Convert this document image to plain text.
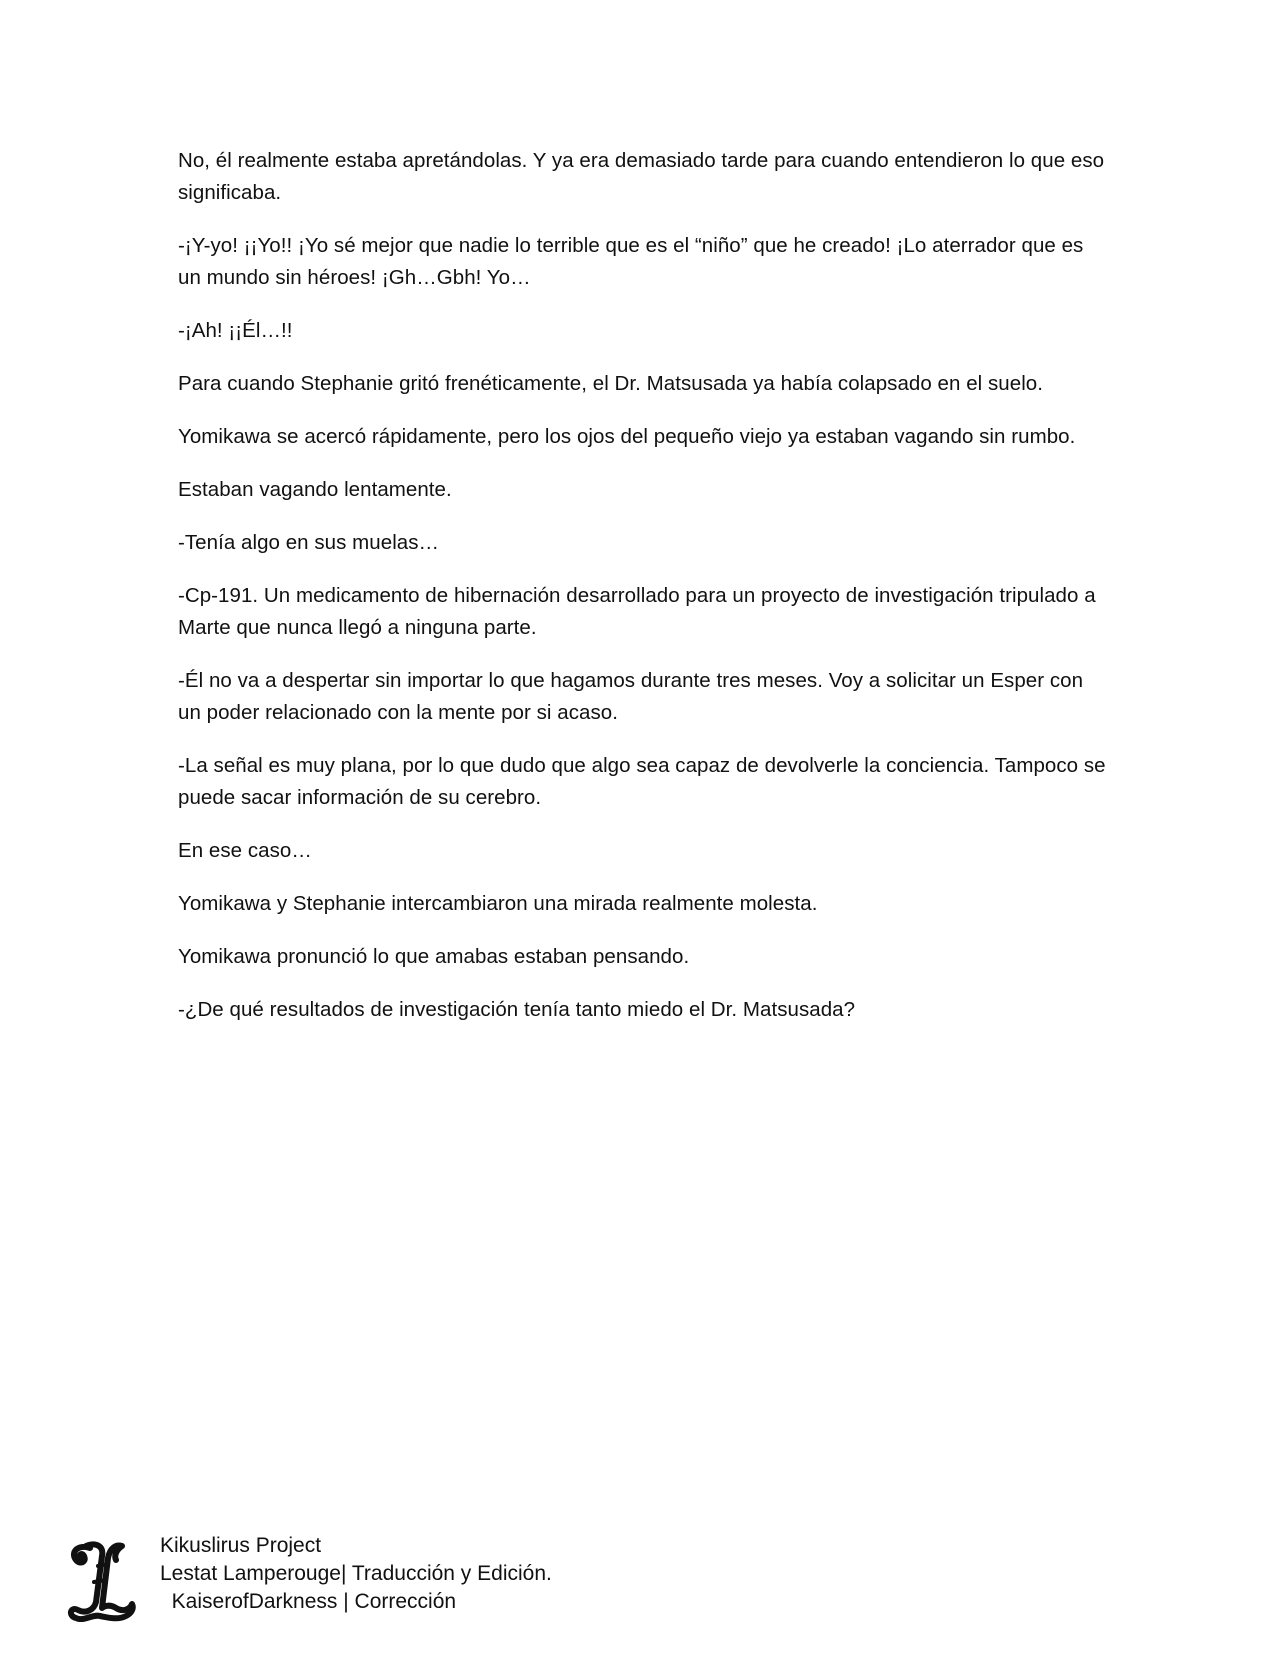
No, él realmente estaba apretándolas. Y ya era demasiado tarde para cuando entendieron lo que eso significaba.

-¡Y-yo! ¡¡Yo!! ¡Yo sé mejor que nadie lo terrible que es el “niño” que he creado! ¡Lo aterrador que es un mundo sin héroes! ¡Gh…Gbh! Yo…

-¡Ah! ¡¡Él…!!

Para cuando Stephanie gritó frenéticamente, el Dr. Matsusada ya había colapsado en el suelo.

Yomikawa se acercó rápidamente, pero los ojos del pequeño viejo ya estaban vagando sin rumbo.

Estaban vagando lentamente.

-Tenía algo en sus muelas…

-Cp-191. Un medicamento de hibernación desarrollado para un proyecto de investigación tripulado a Marte que nunca llegó a ninguna parte.

-Él no va a despertar sin importar lo que hagamos durante tres meses. Voy a solicitar un Esper con un poder relacionado con la mente por si acaso.

-La señal es muy plana, por lo que dudo que algo sea capaz de devolverle la conciencia. Tampoco se puede sacar información de su cerebro.

En ese caso…

Yomikawa y Stephanie intercambiaron una mirada realmente molesta.

Yomikawa pronunció lo que amabas estaban pensando.

-¿De qué resultados de investigación tenía tanto miedo el Dr. Matsusada?

Kikuslirus Project
Lestat Lamperouge| Traducción y Edición.
KaiserofDarkness | Corrección
